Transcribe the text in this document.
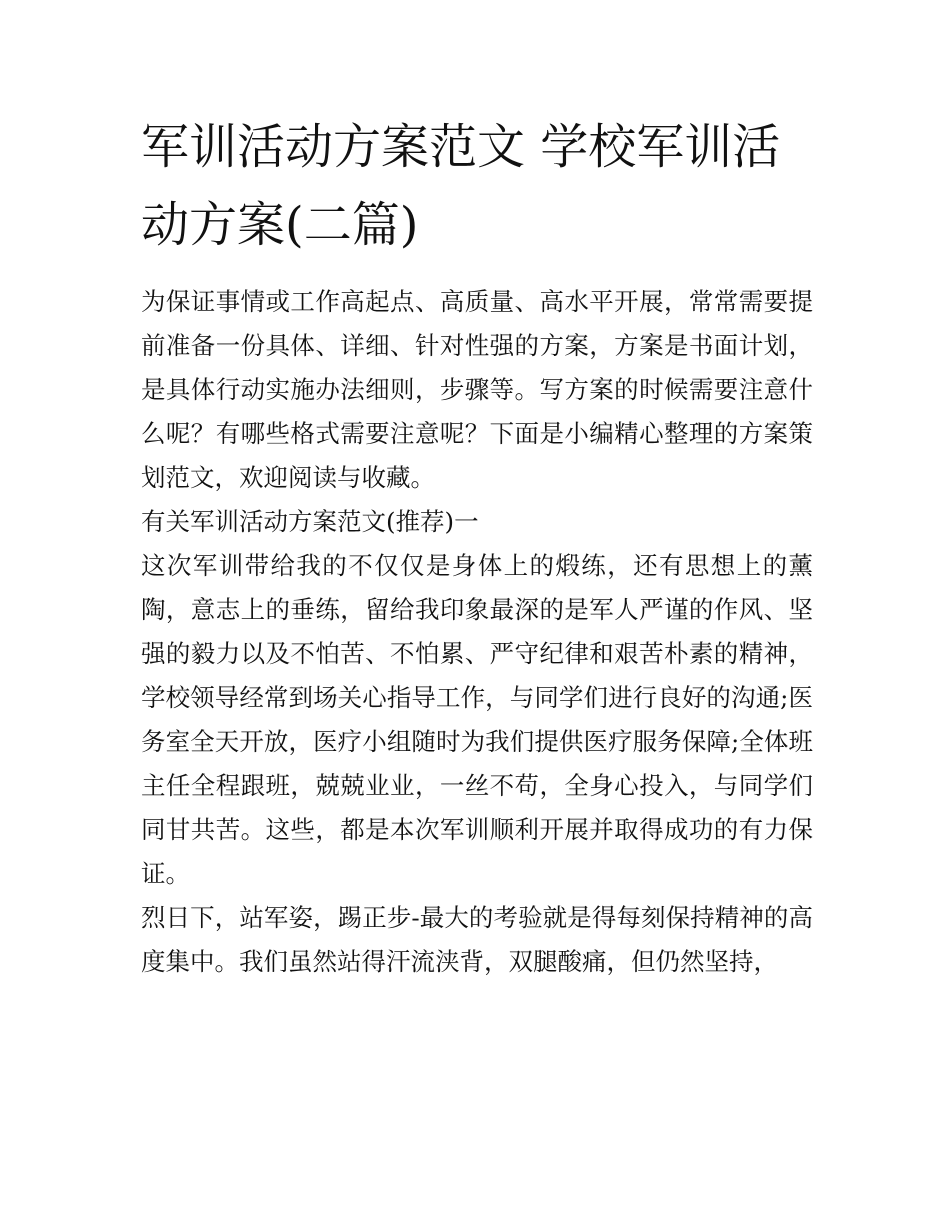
军训活动方案范文 学校军训活动方案(二篇)

为保证事情或工作高起点、高质量、高水平开展，常常需要提前准备一份具体、详细、针对性强的方案，方案是书面计划，是具体行动实施办法细则，步骤等。写方案的时候需要注意什么呢？有哪些格式需要注意呢？下面是小编精心整理的方案策划范文，欢迎阅读与收藏。

有关军训活动方案范文(推荐)一

这次军训带给我的不仅仅是身体上的煅练，还有思想上的薰陶，意志上的垂练，留给我印象最深的是军人严谨的作风、坚强的毅力以及不怕苦、不怕累、严守纪律和艰苦朴素的精神，学校领导经常到场关心指导工作，与同学们进行良好的沟通;医务室全天开放，医疗小组随时为我们提供医疗服务保障;全体班主任全程跟班，兢兢业业，一丝不苟，全身心投入，与同学们同甘共苦。这些，都是本次军训顺利开展并取得成功的有力保证。

烈日下，站军姿，踢正步-最大的考验就是得每刻保持精神的高度集中。我们虽然站得汗流浃背，双腿酸痛，但仍然坚持，
